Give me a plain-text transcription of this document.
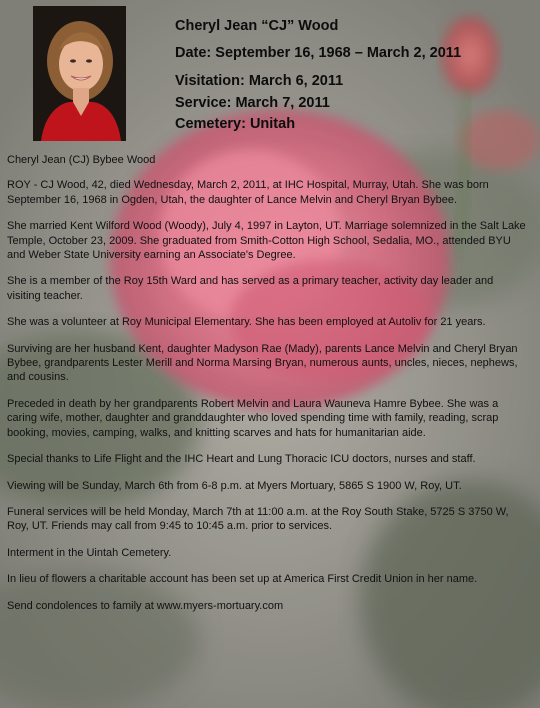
Cheryl Jean “CJ” Wood
Date: September 16, 1968 – March 2, 2011
Visitation: March 6, 2011
Service: March 7, 2011
Cemetery: Unitah

Cheryl Jean (CJ) Bybee Wood

ROY - CJ Wood, 42, died Wednesday, March 2, 2011, at IHC Hospital, Murray, Utah. She was born September 16, 1968 in Ogden, Utah, the daughter of Lance Melvin and Cheryl Bryan Bybee.

She married Kent Wilford Wood (Woody), July 4, 1997 in Layton, UT. Marriage solemnized in the Salt Lake Temple, October 23, 2009. She graduated from Smith-Cotton High School, Sedalia, MO., attended BYU and Weber State University earning an Associate's Degree.

She is a member of the Roy 15th Ward and has served as a primary teacher, activity day leader and visiting teacher.

She was a volunteer at Roy Municipal Elementary. She has been employed at Autoliv for 21 years.

Surviving are her husband Kent, daughter Madyson Rae (Mady), parents Lance Melvin and Cheryl Bryan Bybee, grandparents Lester Merill and Norma Marsing Bryan, numerous aunts, uncles, nieces, nephews, and cousins.

Preceded in death by her grandparents Robert Melvin and Laura Wauneva Hamre Bybee. She was a caring wife, mother, daughter and granddaughter who loved spending time with family, reading, scrap booking, movies, camping, walks, and knitting scarves and hats for humanitarian aide.

Special thanks to Life Flight and the IHC Heart and Lung Thoracic ICU doctors, nurses and staff.

Viewing will be Sunday, March 6th from 6-8 p.m. at Myers Mortuary, 5865 S 1900 W, Roy, UT.

Funeral services will be held Monday, March 7th at 11:00 a.m. at the Roy South Stake, 5725 S 3750 W, Roy, UT. Friends may call from 9:45 to 10:45 a.m. prior to services.

Interment in the Uintah Cemetery.

In lieu of flowers a charitable account has been set up at America First Credit Union in her name.

Send condolences to family at www.myers-mortuary.com
